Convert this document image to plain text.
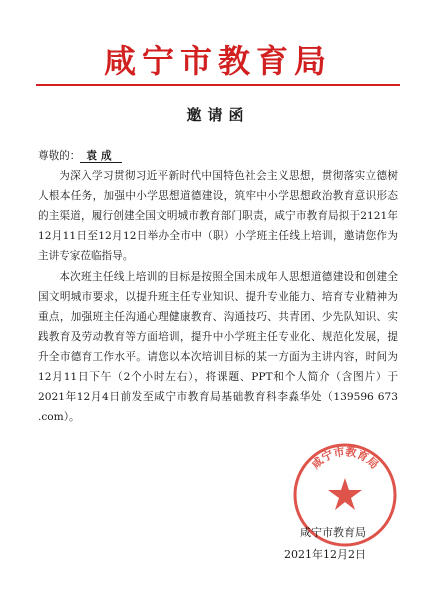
咸宁市教育局
邀请函

尊敬的： 袁成

为深入学习贯彻习近平新时代中国特色社会主义思想，贯彻落实立德树人根本任务，加强中小学思想道德建设，筑牢中小学思想政治教育意识形态的主渠道，履行创建全国文明城市教育部门职责，咸宁市教育局拟于2121年12月11日至12月12日举办全市中（职）小学班主任线上培训，邀请您作为主讲专家莅临指导。

本次班主任线上培训的目标是按照全国未成年人思想道德建设和创建全国文明城市要求，以提升班主任专业知识、提升专业能力、培育专业精神为重点，加强班主任沟通心理健康教育、沟通技巧、共青团、少先队知识、实践教育及劳动教育等方面培训，提升中小学班主任专业化、规范化发展，提升全市德育工作水平。请您以本次培训目标的某一方面为主讲内容，时间为12月11日下午（2个小时左右），将课题、PPT和个人简介（含图片）于2021年12月4日前发至咸宁市教育局基础教育科李淼华处（1395‌‌‌‌96‌‌‌‌ ‌‌‌‌673‌‌‌‌ ‌‌‌‌‌‌‌‌‌‌‌‌.com）。

咸宁市教育局
咸宁市教育局
2021年12月2日
